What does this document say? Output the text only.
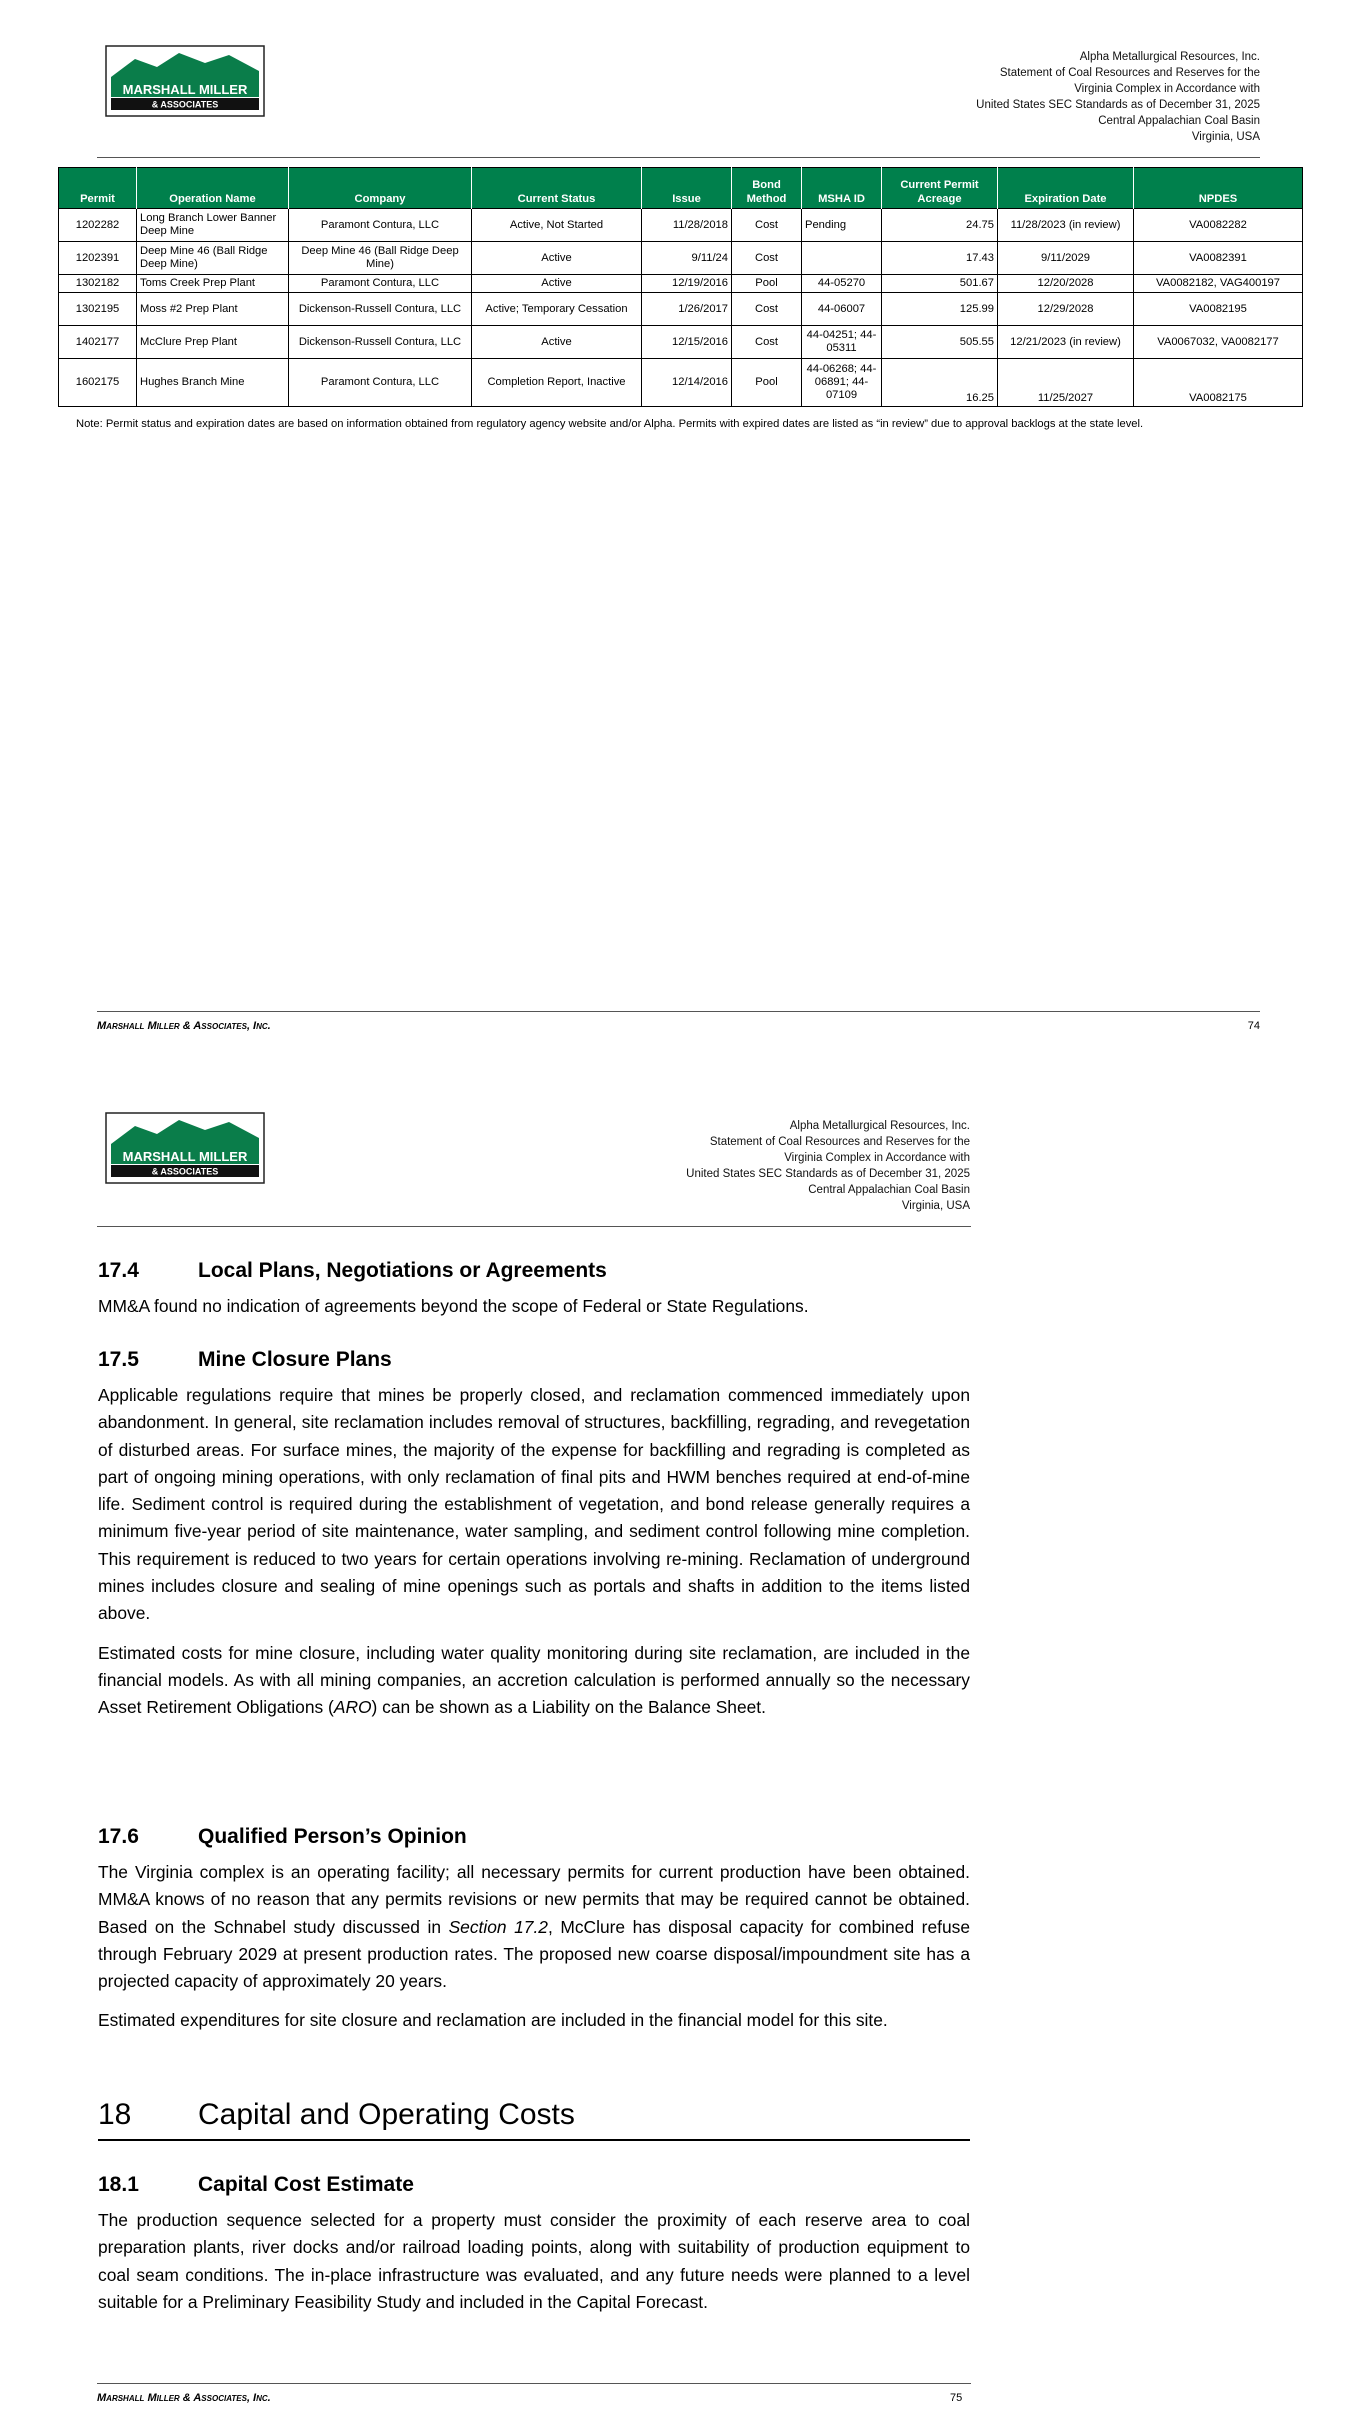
MARSHALL MILLER
& ASSOCIATES
Alpha Metallurgical Resources, Inc.
Statement of Coal Resources and Reserves for the
Virginia Complex in Accordance with
United States SEC Standards as of December 31, 2025
Central Appalachian Coal Basin
Virginia, USA
Permit	Operation Name	Company	Current Status	Issue	Bond Method	MSHA ID	Current Permit Acreage	Expiration Date	NPDES
1202282	Long Branch Lower Banner Deep Mine	Paramont Contura, LLC	Active, Not Started	11/28/2018	Cost	Pending	24.75	11/28/2023 (in review)	VA0082282
1202391	Deep Mine 46 (Ball Ridge Deep Mine)	Deep Mine 46 (Ball Ridge Deep Mine)	Active	9/11/24	Cost		17.43	9/11/2029	VA0082391
1302182	Toms Creek Prep Plant	Paramont Contura, LLC	Active	12/19/2016	Pool	44-05270	501.67	12/20/2028	VA0082182, VAG400197
1302195	Moss #2 Prep Plant	Dickenson-Russell Contura, LLC	Active; Temporary Cessation	1/26/2017	Cost	44-06007	125.99	12/29/2028	VA0082195
1402177	McClure Prep Plant	Dickenson-Russell Contura, LLC	Active	12/15/2016	Cost	44-04251; 44-05311	505.55	12/21/2023 (in review)	VA0067032, VA0082177
1602175	Hughes Branch Mine	Paramont Contura, LLC	Completion Report, Inactive	12/14/2016	Pool	44-06268; 44-06891; 44-07109	16.25	11/25/2027	VA0082175
Note: Permit status and expiration dates are based on information obtained from regulatory agency website and/or Alpha. Permits with expired dates are listed as “in review” due to approval backlogs at the state level.
Marshall Miller & Associates, Inc.	74
MARSHALL MILLER
& ASSOCIATES
Alpha Metallurgical Resources, Inc.
Statement of Coal Resources and Reserves for the
Virginia Complex in Accordance with
United States SEC Standards as of December 31, 2025
Central Appalachian Coal Basin
Virginia, USA
17.4	Local Plans, Negotiations or Agreements
MM&A found no indication of agreements beyond the scope of Federal or State Regulations.
17.5	Mine Closure Plans
Applicable regulations require that mines be properly closed, and reclamation commenced immediately upon abandonment. In general, site reclamation includes removal of structures, backfilling, regrading, and revegetation of disturbed areas. For surface mines, the majority of the expense for backfilling and regrading is completed as part of ongoing mining operations, with only reclamation of final pits and HWM benches required at end-of-mine life. Sediment control is required during the establishment of vegetation, and bond release generally requires a minimum five-year period of site maintenance, water sampling, and sediment control following mine completion. This requirement is reduced to two years for certain operations involving re-mining. Reclamation of underground mines includes closure and sealing of mine openings such as portals and shafts in addition to the items listed above.
Estimated costs for mine closure, including water quality monitoring during site reclamation, are included in the financial models. As with all mining companies, an accretion calculation is performed annually so the necessary Asset Retirement Obligations (ARO) can be shown as a Liability on the Balance Sheet.
17.6	Qualified Person’s Opinion
The Virginia complex is an operating facility; all necessary permits for current production have been obtained. MM&A knows of no reason that any permits revisions or new permits that may be required cannot be obtained. Based on the Schnabel study discussed in Section 17.2, McClure has disposal capacity for combined refuse through February 2029 at present production rates. The proposed new coarse disposal/impoundment site has a projected capacity of approximately 20 years.
Estimated expenditures for site closure and reclamation are included in the financial model for this site.
18	Capital and Operating Costs
18.1	Capital Cost Estimate
The production sequence selected for a property must consider the proximity of each reserve area to coal preparation plants, river docks and/or railroad loading points, along with suitability of production equipment to coal seam conditions. The in-place infrastructure was evaluated, and any future needs were planned to a level suitable for a Preliminary Feasibility Study and included in the Capital Forecast.
Marshall Miller & Associates, Inc.	75
